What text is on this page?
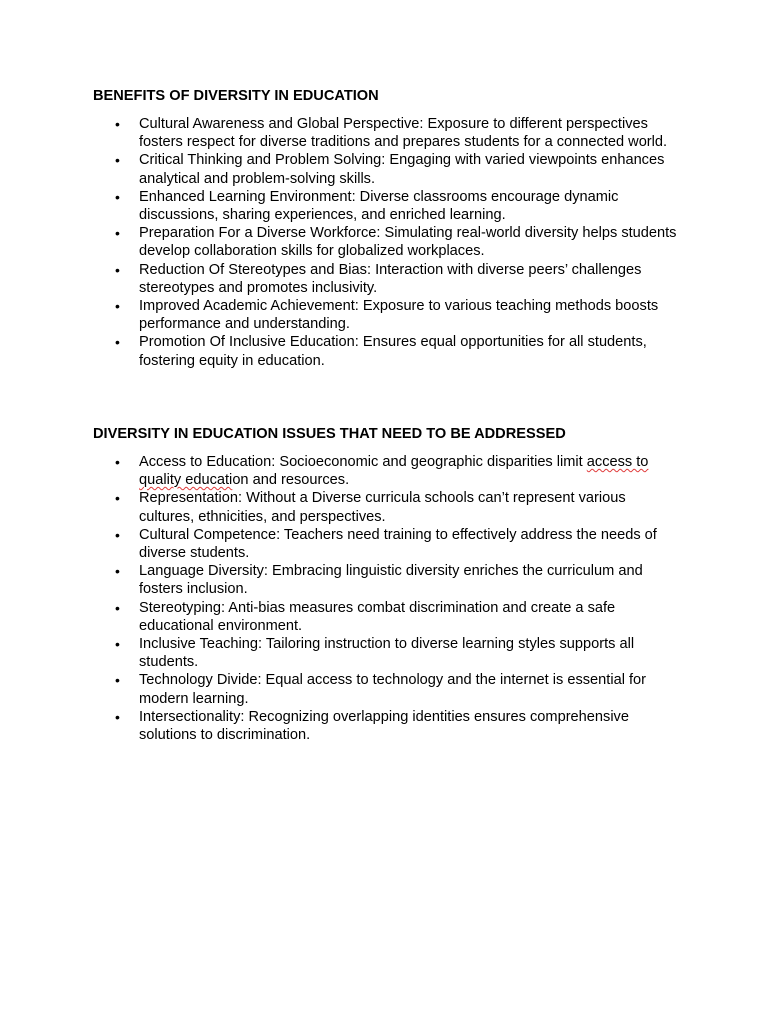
BENEFITS OF DIVERSITY IN EDUCATION
• Cultural Awareness and Global Perspective: Exposure to different perspectives fosters respect for diverse traditions and prepares students for a connected world.
• Critical Thinking and Problem Solving: Engaging with varied viewpoints enhances analytical and problem-solving skills.
• Enhanced Learning Environment: Diverse classrooms encourage dynamic discussions, sharing experiences, and enriched learning.
• Preparation For a Diverse Workforce: Simulating real-world diversity helps students develop collaboration skills for globalized workplaces.
• Reduction Of Stereotypes and Bias: Interaction with diverse peers’ challenges stereotypes and promotes inclusivity.
• Improved Academic Achievement: Exposure to various teaching methods boosts performance and understanding.
• Promotion Of Inclusive Education: Ensures equal opportunities for all students, fostering equity in education.
DIVERSITY IN EDUCATION ISSUES THAT NEED TO BE ADDRESSED
• Access to Education: Socioeconomic and geographic disparities limit access to quality education and resources.
• Representation: Without a Diverse curricula schools can’t represent various cultures, ethnicities, and perspectives.
• Cultural Competence: Teachers need training to effectively address the needs of diverse students.
• Language Diversity: Embracing linguistic diversity enriches the curriculum and fosters inclusion.
• Stereotyping: Anti-bias measures combat discrimination and create a safe educational environment.
• Inclusive Teaching: Tailoring instruction to diverse learning styles supports all students.
• Technology Divide: Equal access to technology and the internet is essential for modern learning.
• Intersectionality: Recognizing overlapping identities ensures comprehensive solutions to discrimination.
